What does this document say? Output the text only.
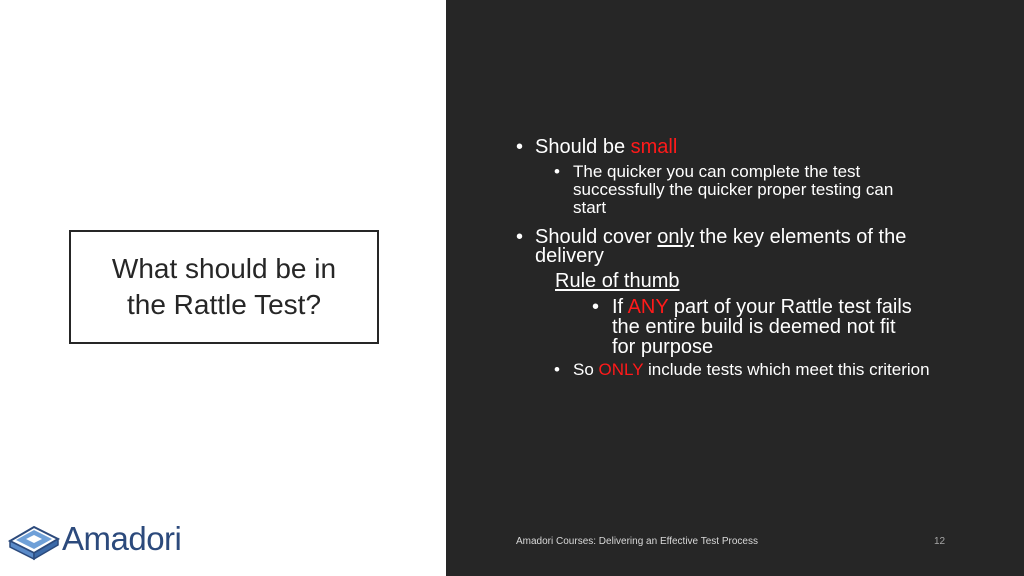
What should be in
the Rattle Test?
Amadori
• Should be small
• The quicker you can complete the test
successfully the quicker proper testing can
start
• Should cover only the key elements of the
delivery
Rule of thumb
• If ANY part of your Rattle test fails
the entire build is deemed not fit
for purpose
• So ONLY include tests which meet this criterion
Amadori Courses: Delivering an Effective Test Process	12
